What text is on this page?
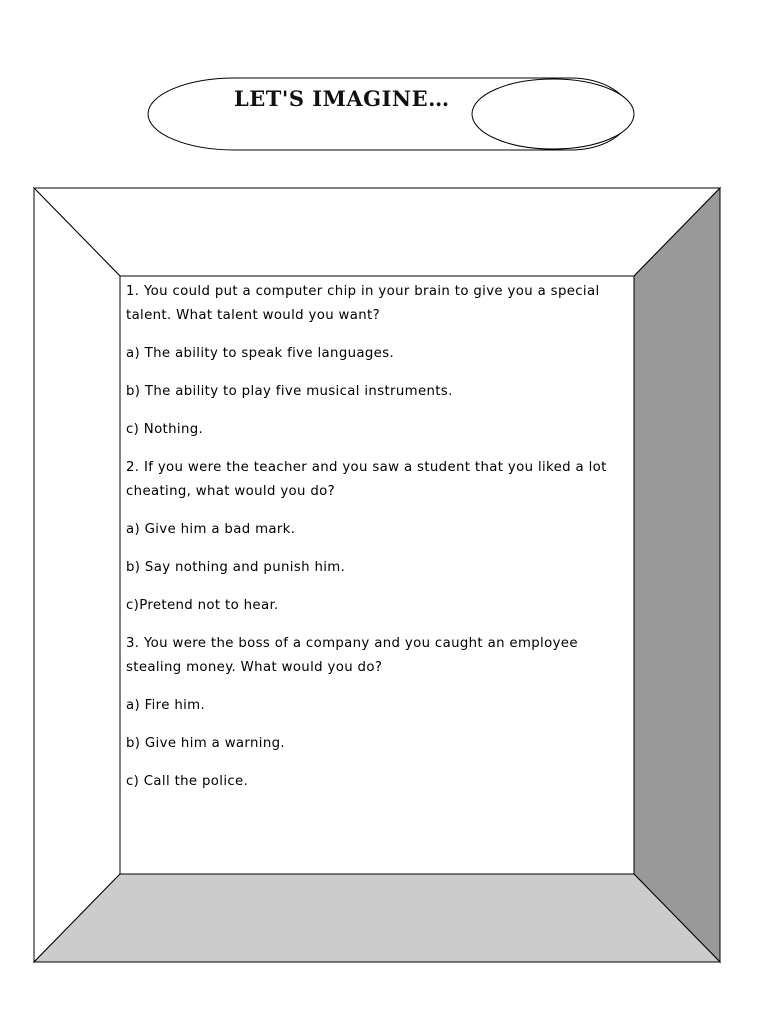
LET'S IMAGINE…

1. You could put a computer chip in your brain to give you a special talent. What talent would you want?

a) The ability to speak five languages.

b) The ability to play five musical instruments.

c) Nothing.

2. If you were the teacher and you saw a student that you liked a lot cheating, what would you do?

a) Give him a bad mark.

b) Say nothing and punish him.

c)Pretend not to hear.

3. You were the boss of a company and you caught an employee stealing money. What would you do?

a) Fire him.

b) Give him a warning.

c) Call the police.
